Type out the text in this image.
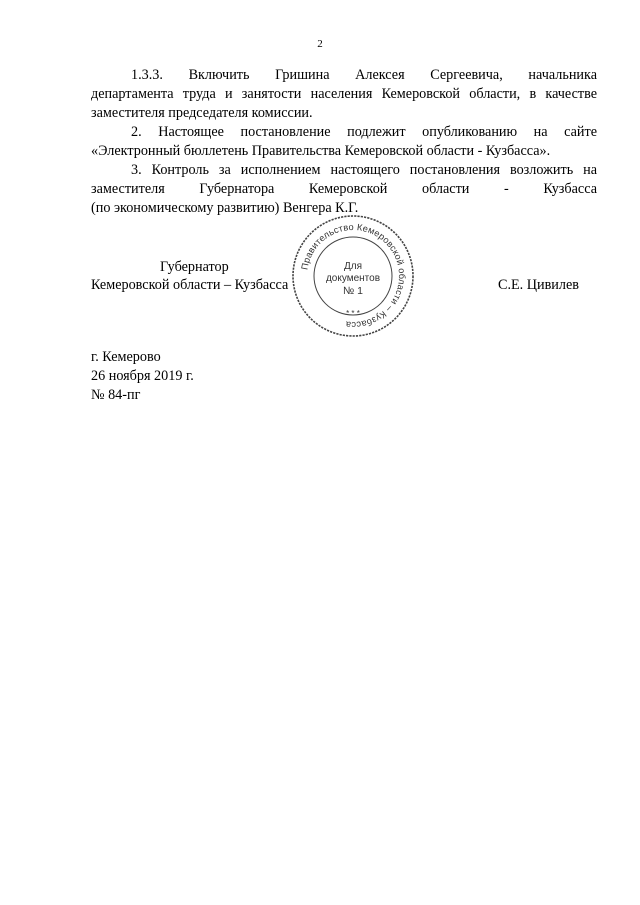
2
1.3.3. Включить Гришина Алексея Сергеевича, начальника
департамента труда и занятости населения Кемеровской области, в качестве
заместителя председателя комиссии.
2. Настоящее постановление подлежит опубликованию на сайте
«Электронный бюллетень Правительства Кемеровской области - Кузбасса».
3. Контроль за исполнением настоящего постановления возложить на
заместителя Губернатора Кемеровской области - Кузбасса
(по экономическому развитию) Венгера К.Г.
Правительство Кемеровской области – Кузбасса
* * *
Для
документов
№ 1
Губернатор
Кемеровской области – Кузбасса	С.Е. Цивилев
г. Кемерово
26 ноября 2019 г.
№ 84-пг
